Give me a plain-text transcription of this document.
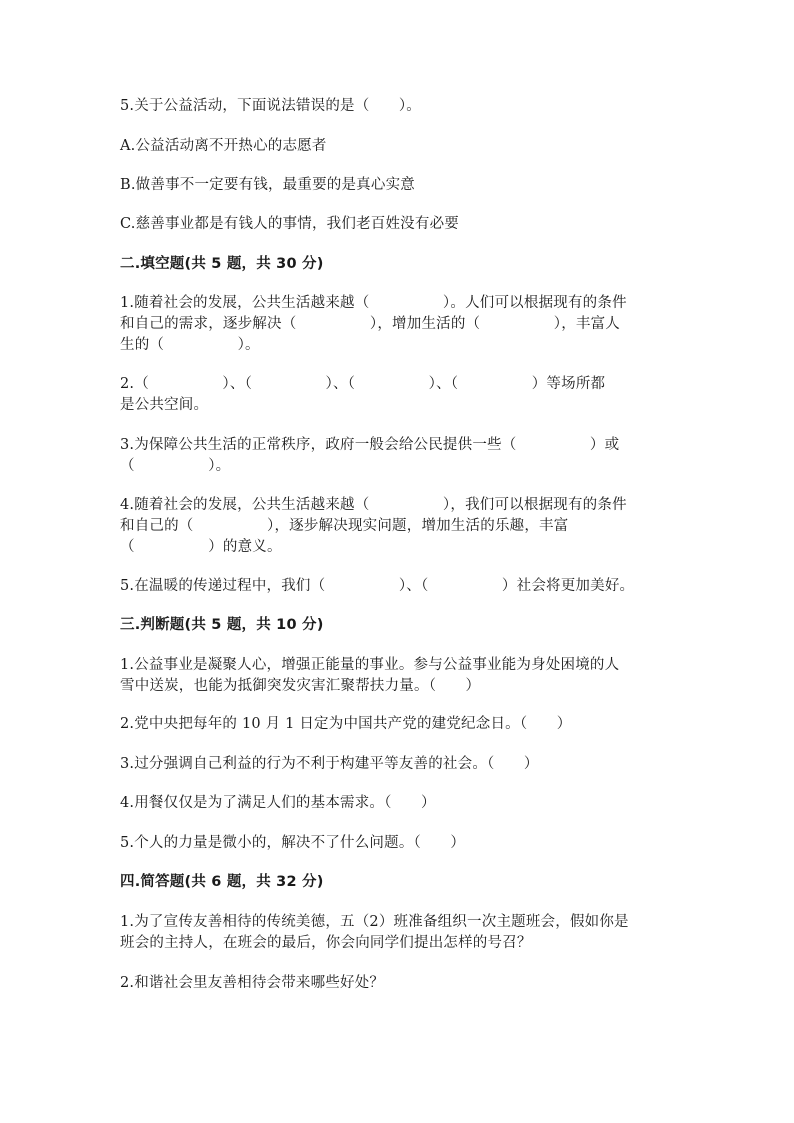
5.关于公益活动，下面说法错误的是（　　）。
A.公益活动离不开热心的志愿者
B.做善事不一定要有钱，最重要的是真心实意
C.慈善事业都是有钱人的事情，我们老百姓没有必要
二.填空题(共 5 题，共 30 分)
1.随着社会的发展，公共生活越来越（　　　　　）。人们可以根据现有的条件
和自己的需求，逐步解决（　　　　　），增加生活的（　　　　　），丰富人
生的（　　　　　）。
2.（　　　　　）、（　　　　　）、（　　　　　）、（　　　　　）等场所都
是公共空间。
3.为保障公共生活的正常秩序，政府一般会给公民提供一些（　　　　　）或
（　　　　　）。
4.随着社会的发展，公共生活越来越（　　　　　），我们可以根据现有的条件
和自己的（　　　　　），逐步解决现实问题，增加生活的乐趣，丰富
（　　　　　）的意义。
5.在温暖的传递过程中，我们（　　　　　）、（　　　　　）社会将更加美好。
三.判断题(共 5 题，共 10 分)
1.公益事业是凝聚人心，增强正能量的事业。参与公益事业能为身处困境的人
雪中送炭，也能为抵御突发灾害汇聚帮扶力量。（　　）
2.党中央把每年的 10 月 1 日定为中国共产党的建党纪念日。（　　）
3.过分强调自己利益的行为不利于构建平等友善的社会。（　　）
4.用餐仅仅是为了满足人们的基本需求。（　　）
5.个人的力量是微小的，解决不了什么问题。（　　）
四.简答题(共 6 题，共 32 分)
1.为了宣传友善相待的传统美德，五（2）班准备组织一次主题班会，假如你是
班会的主持人，在班会的最后，你会向同学们提出怎样的号召？
2.和谐社会里友善相待会带来哪些好处？
